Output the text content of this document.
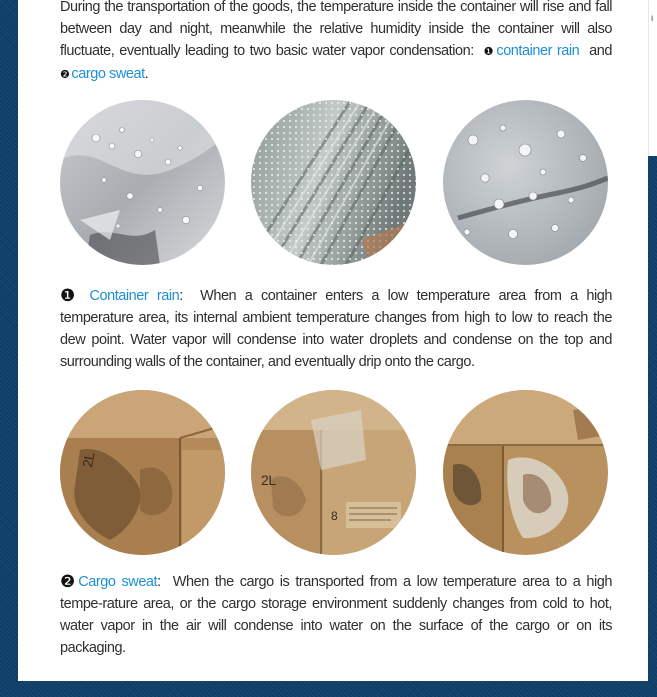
ι

During the transportation of the goods, the temperature inside the container will rise and fall between day and night, meanwhile the relative humidity inside the container will also fluctuate, eventually leading to two basic water vapor condensation: ❶ container rain and ❷ cargo sweat.

❶ Container rain: When a container enters a low temperature area from a high temperature area, its internal ambient temperature changes from high to low to reach the dew point. Water vapor will condense into water droplets and condense on the top and surrounding walls of the container, and eventually drip onto the cargo.

2L
2L
8

❷Cargo sweat: When the cargo is transported from a low temperature area to a high tempe-rature area, or the cargo storage environment suddenly changes from cold to hot, water vapor in the air will condense into water on the surface of the cargo or on its packaging.
